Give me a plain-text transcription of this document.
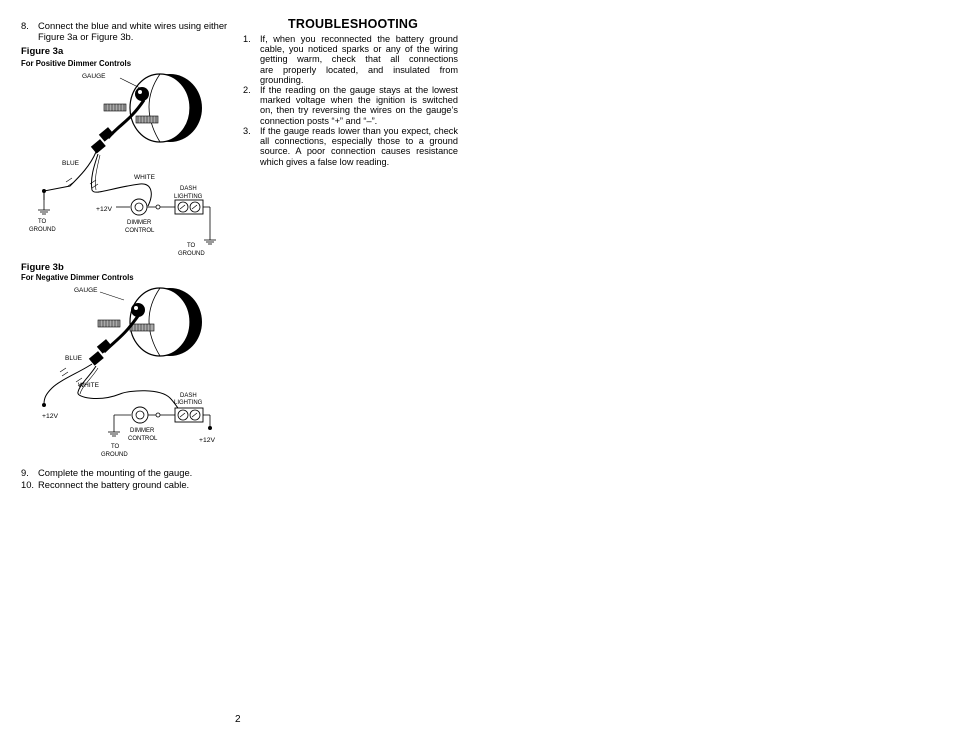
8. Connect the blue and white wires using either
Figure 3a or Figure 3b.
Figure 3a
For Positive Dimmer Controls
GAUGE
BLUE
WHITE
TO
GROUND
+12V
DIMMER
CONTROL
DASH
LIGHTING
TO
GROUND
Figure 3b
For Negative Dimmer Controls
GAUGE
BLUE
+12V
WHITE
DIMMER
CONTROL
TO
GROUND
DASH
LIGHTING
+12V
9. Complete the mounting of the gauge.
10. Reconnect the battery ground cable.
TROUBLESHOOTING
1. If, when you reconnected the battery ground
cable, you noticed sparks or any of the wiring
getting warm, check that all connections
are properly located, and insulated from
grounding.
2. If the reading on the gauge stays at the lowest
marked voltage when the ignition is switched
on, then try reversing the wires on the gauge’s
connection posts “+” and “–”.
3. If the gauge reads lower than you expect, check
all connections, especially those to a ground
source. A poor connection causes resistance
which gives a false low reading.
2
